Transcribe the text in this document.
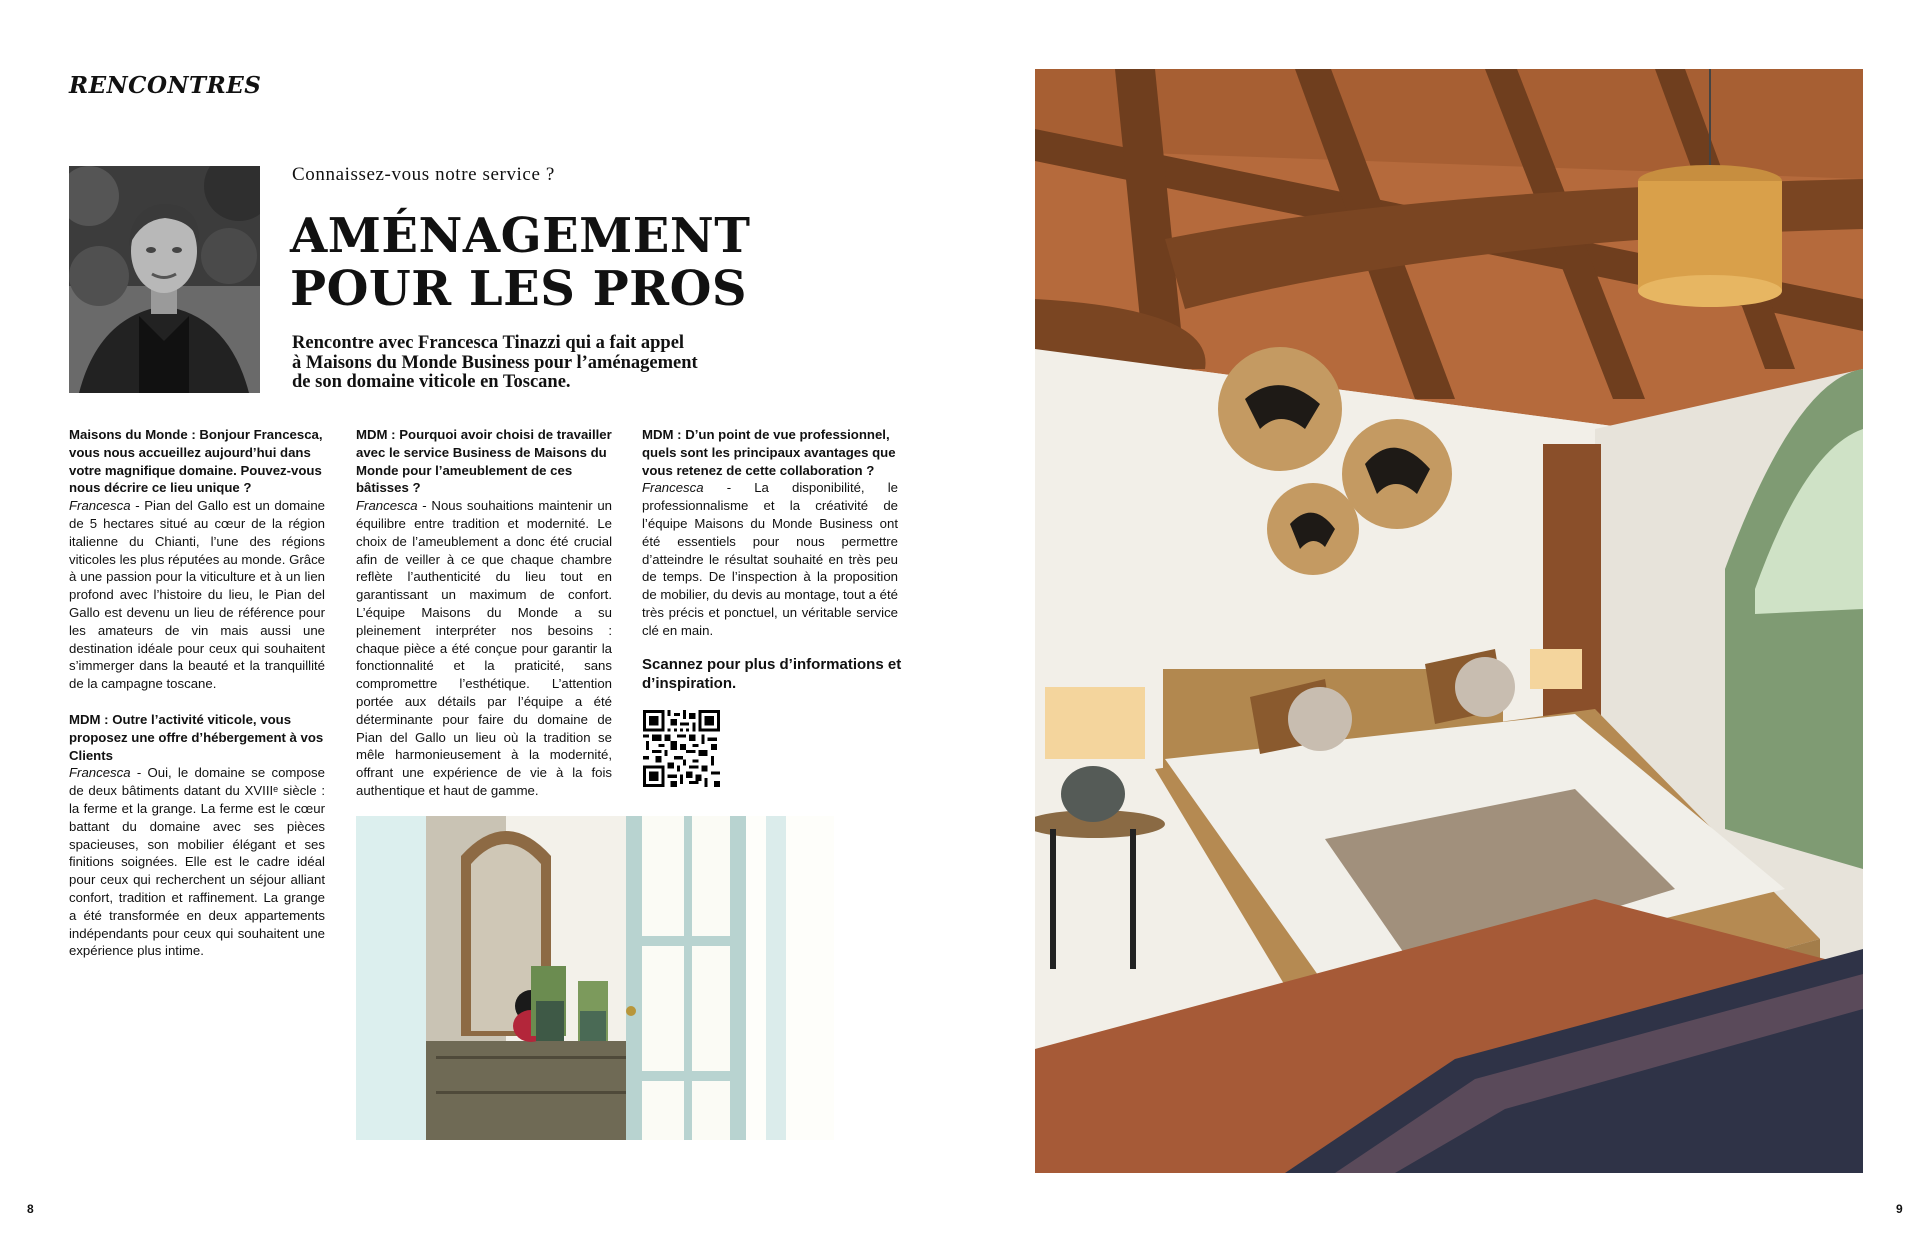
RENCONTRES
Connaissez-vous notre service ?
AMÉNAGEMENT
POUR LES PROS
Rencontre avec Francesca Tinazzi qui a fait appel
à Maisons du Monde Business pour l’aménagement
de son domaine viticole en Toscane.

Maisons du Monde : Bonjour Francesca, vous nous accueillez aujourd’hui dans votre magnifique domaine. Pouvez-vous nous décrire ce lieu unique ?

Francesca - Pian del Gallo est un domaine de 5 hectares situé au cœur de la région italienne du Chianti, l’une des régions viticoles les plus réputées au monde. Grâce à une passion pour la viticulture et à un lien profond avec l’histoire du lieu, le Pian del Gallo est devenu un lieu de référence pour les amateurs de vin mais aussi une destination idéale pour ceux qui souhaitent s’immerger dans la beauté et la tranquillité de la campagne toscane.

MDM : Outre l’activité viticole, vous proposez une offre d’hébergement à vos Clients

Francesca - Oui, le domaine se compose de deux bâtiments datant du XVIIIᵉ siècle : la ferme et la grange. La ferme est le cœur battant du domaine avec ses pièces spacieuses, son mobilier élégant et ses finitions soignées. Elle est le cadre idéal pour ceux qui recherchent un séjour alliant confort, tradition et raffinement. La grange a été transformée en deux appartements indépendants pour ceux qui souhaitent une expérience plus intime.

MDM : Pourquoi avoir choisi de travailler avec le service Business de Maisons du Monde pour l’ameublement de ces bâtisses ?

Francesca - Nous souhaitions maintenir un équilibre entre tradition et modernité. Le choix de l’ameublement a donc été crucial afin de veiller à ce que chaque chambre reflète l’authenticité du lieu tout en garantissant un maximum de confort. L’équipe Maisons du Monde a su pleinement interpréter nos besoins : chaque pièce a été conçue pour garantir la fonctionnalité et la praticité, sans compromettre l’esthétique. L’attention portée aux détails par l’équipe a été déterminante pour faire du domaine de Pian del Gallo un lieu où la tradition se mêle harmonieusement à la modernité, offrant une expérience de vie à la fois authentique et haut de gamme.

MDM : D’un point de vue professionnel, quels sont les principaux avantages que vous retenez de cette collaboration ?

Francesca - La disponibilité, le professionnalisme et la créativité de l’équipe Maisons du Monde Business ont été essentiels pour nous permettre d’atteindre le résultat souhaité en très peu de temps. De l’inspection à la proposition de mobilier, du devis au montage, tout a été très précis et ponctuel, un véritable service clé en main.

Scannez pour plus d’informations et d’inspiration.
8	9
